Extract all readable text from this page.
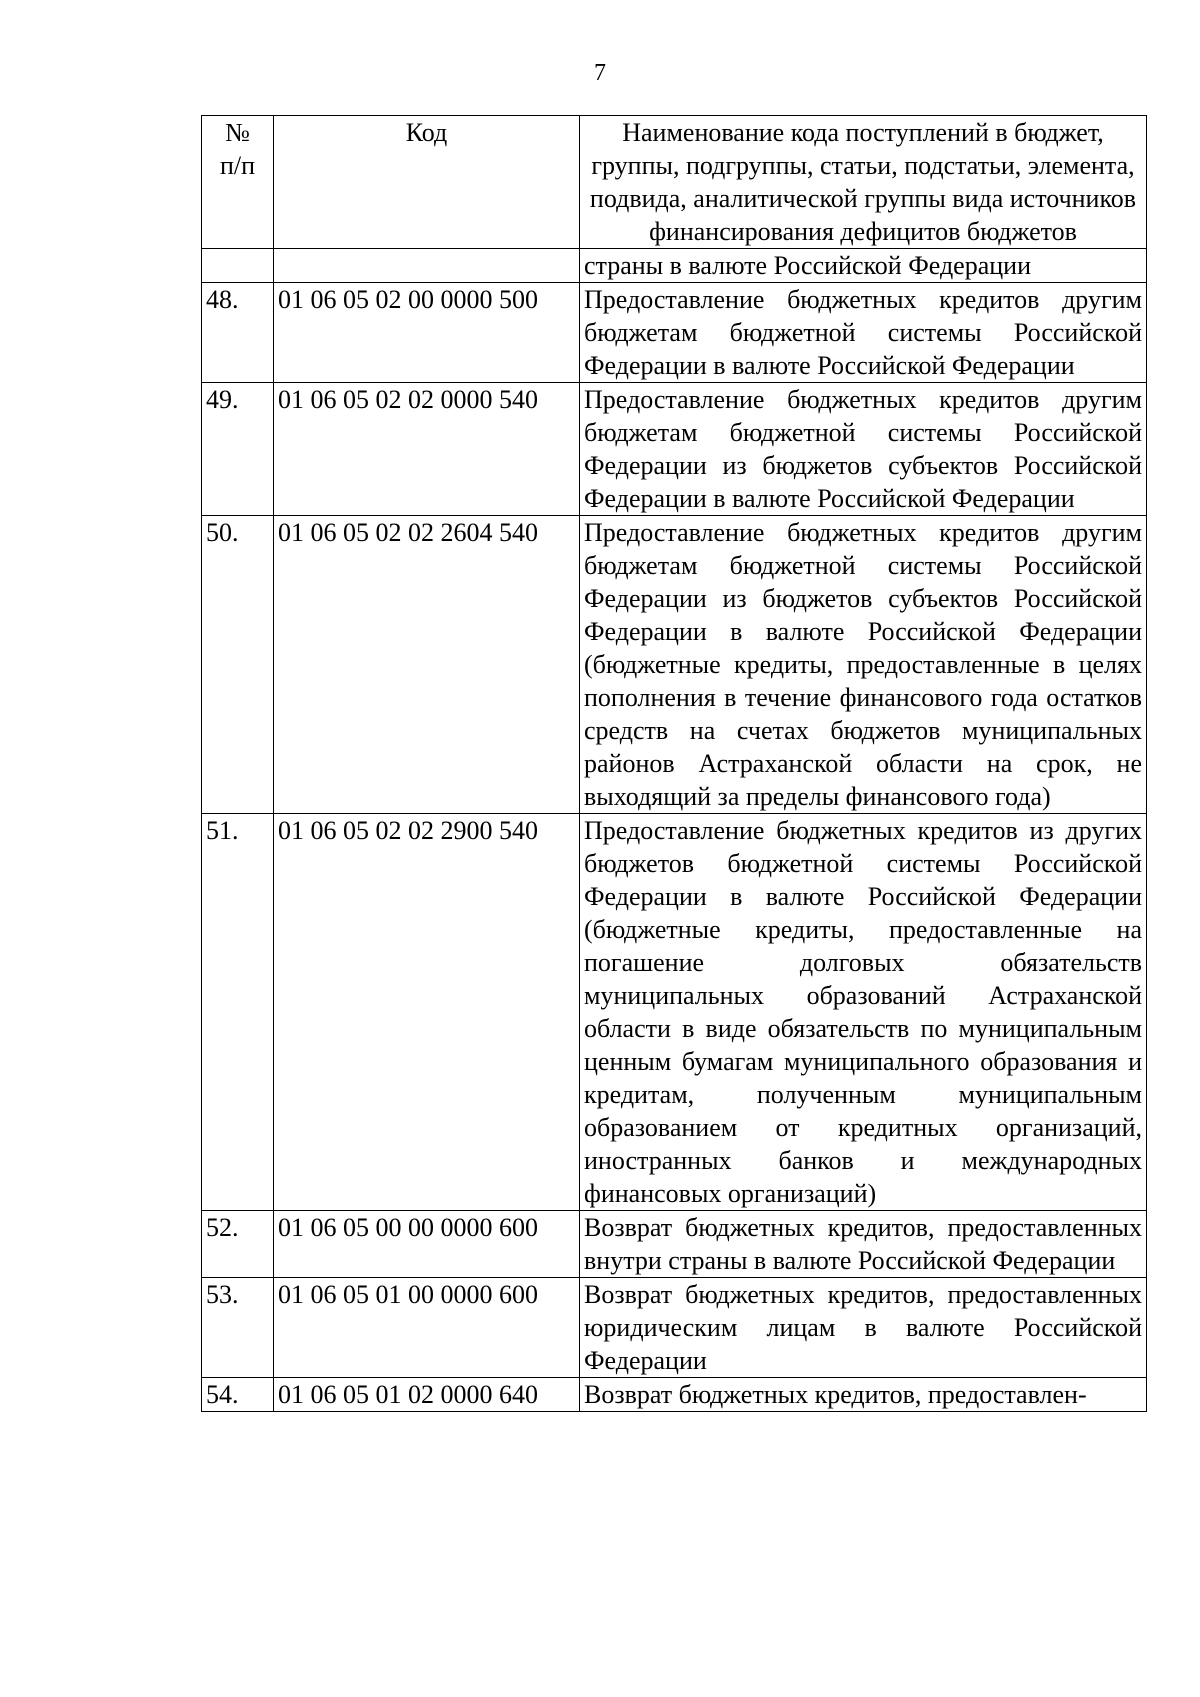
7
№
п/п	Код	Наименование кода поступлений в бюджет, группы, подгруппы, статьи, подстатьи, элемента, подвида, аналитической группы вида источников финансирования дефицитов бюджетов
		страны в валюте Российской Федерации
48.	01 06 05 02 00 0000 500	Предоставление бюджетных кредитов другим бюджетам бюджетной системы Российской Федерации в валюте Российской Федерации
49.	01 06 05 02 02 0000 540	Предоставление бюджетных кредитов другим бюджетам бюджетной системы Российской Федерации из бюджетов субъектов Российской Федерации в валюте Российской Федерации
50.	01 06 05 02 02 2604 540	Предоставление бюджетных кредитов другим бюджетам бюджетной системы Российской Федерации из бюджетов субъектов Российской Федерации в валюте Российской Федерации (бюджетные кредиты, предоставленные в целях пополнения в течение финансового года остатков средств на счетах бюджетов муниципальных районов Астраханской области на срок, не выходящий за пределы финансового года)
51.	01 06 05 02 02 2900 540	Предоставление бюджетных кредитов из других бюджетов бюджетной системы Российской Федерации в валюте Российской Федерации (бюджетные кредиты, предоставленные на погашение долговых обязательств муниципальных образований Астраханской области в виде обязательств по муниципальным ценным бумагам муниципального образования и кредитам, полученным муниципальным образованием от кредитных организаций, иностранных банков и международных финансовых организаций)
52.	01 06 05 00 00 0000 600	Возврат бюджетных кредитов, предоставленных внутри страны в валюте Российской Федерации
53.	01 06 05 01 00 0000 600	Возврат бюджетных кредитов, предоставленных юридическим лицам в валюте Российской Федерации
54.	01 06 05 01 02 0000 640	Возврат бюджетных кредитов, предоставлен-
